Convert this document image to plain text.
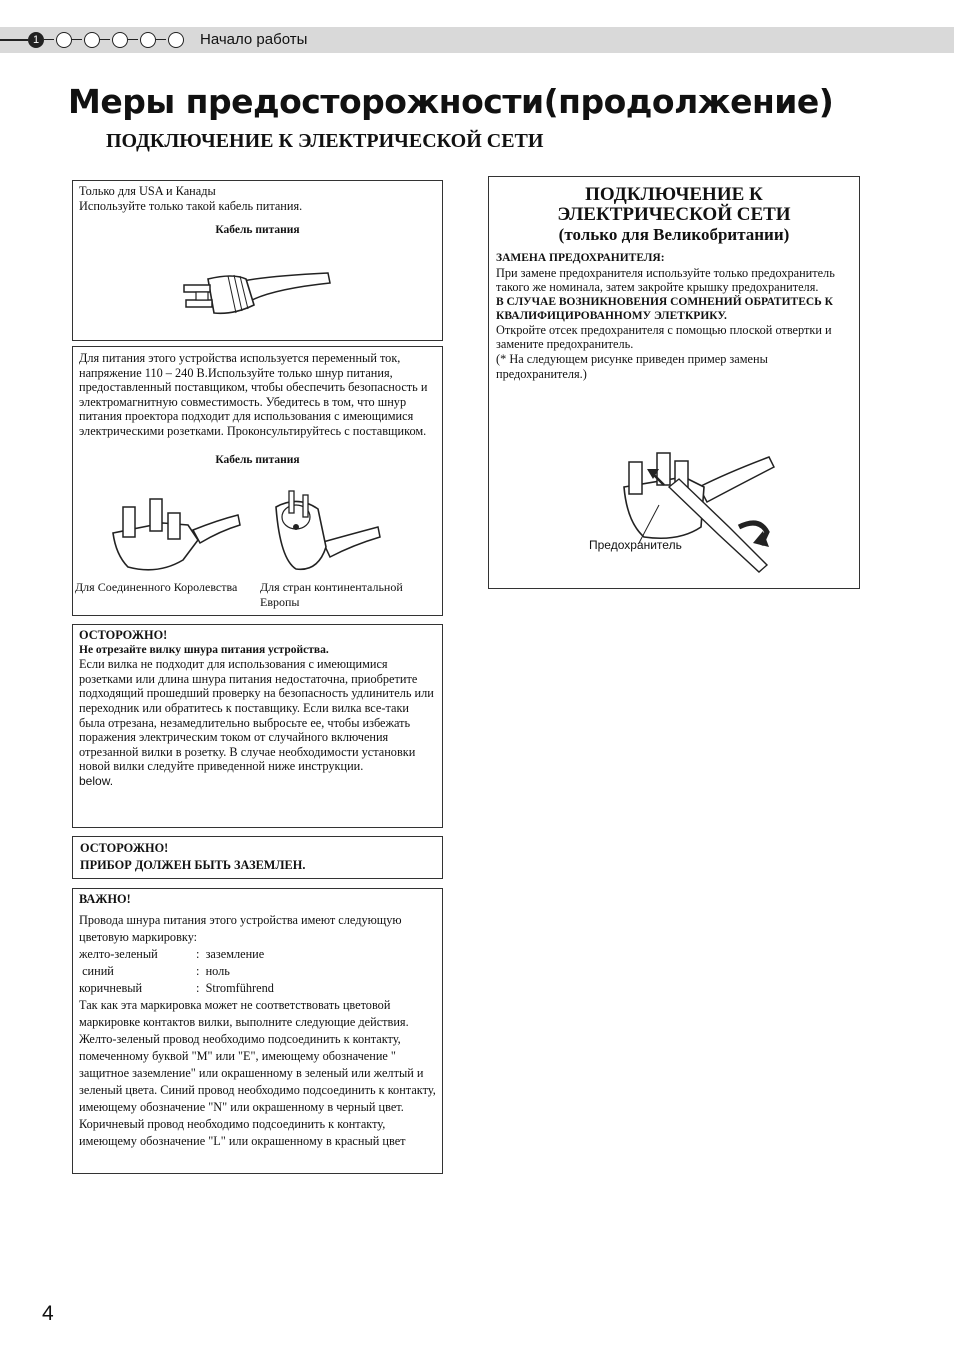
1	Начало работы
Меры предосторожности(продолжение)
ПОДКЛЮЧЕНИЕ К ЭЛЕКТРИЧЕСКОЙ СЕТИ

Только для USA и Канады

Используйте только такой кабель питания.

Кабель питания

Для питания этого устройства используется переменный ток, напряжение 110 – 240 В.Используйте только шнур питания, предоставленный поставщиком, чтобы обеспечить безопасность и электромагнитную совместимость. Убедитесь в том, что шнур питания проектора подходит для использования с имеющимися электрическими розетками. Проконсультируйтесь с поставщиком.

Кабель питания

Для Соединенного Королевства Для стран континентальной Европы

ОСТОРОЖНО!

Не отрезайте вилку шнура питания устройства.

Если вилка не подходит для использования с имеющимися розетками или длина шнура питания недостаточна, приобретите подходящий прошедший проверку на безопасность удлинитель или переходник или обратитесь к поставщику. Если вилка все-таки была отрезана, незамедлительно выбросьте ее, чтобы избежать поражения электрическим током от случайного включения отрезанной вилки в розетку. В случае необходимости установки новой вилки следуйте приведенной ниже инструкции.

below.

ОСТОРОЖНО!

ПРИБОР ДОЛЖЕН БЫТЬ ЗАЗЕМЛЕН.

ВАЖНО!

Провода шнура питания этого устройства имеют следующую цветовую маркировку:

желто-зеленый	:  заземление
синий	:  ноль
коричневый	:  Stromführend

Так как эта маркировка может не соответствовать цветовой маркировке контактов вилки, выполните следующие действия. Желто-зеленый провод необходимо подсоединить к контакту, помеченному буквой "M" или "E", имеющему обозначение " защитное заземление" или окрашенному в зеленый или желтый и зеленый цвета. Синий провод необходимо подсоединить к контакту, имеющему обозначение "N" или окрашенному в черный цвет. Коричневый провод необходимо подсоединить к контакту, имеющему обозначение "L" или окрашенному в красный цвет

ПОДКЛЮЧЕНИЕ К

ЭЛЕКТРИЧЕСКОЙ СЕТИ

(только для Великобритании)

ЗАМЕНА ПРЕДОХРАНИТЕЛЯ:

При замене предохранителя используйте только предохранитель такого же номинала, затем закройте крышку предохранителя.

В СЛУЧАЕ ВОЗНИКНОВЕНИЯ СОМНЕНИЙ ОБРАТИТЕСЬ К КВАЛИФИЦИРОВАННОМУ ЭЛЕТКРИКУ.

Откройте отсек предохранителя с помощью плоской отвертки и замените предохранитель.

(* На следующем рисунке приведен пример замены предохранителя.)

Предохранитель

4
